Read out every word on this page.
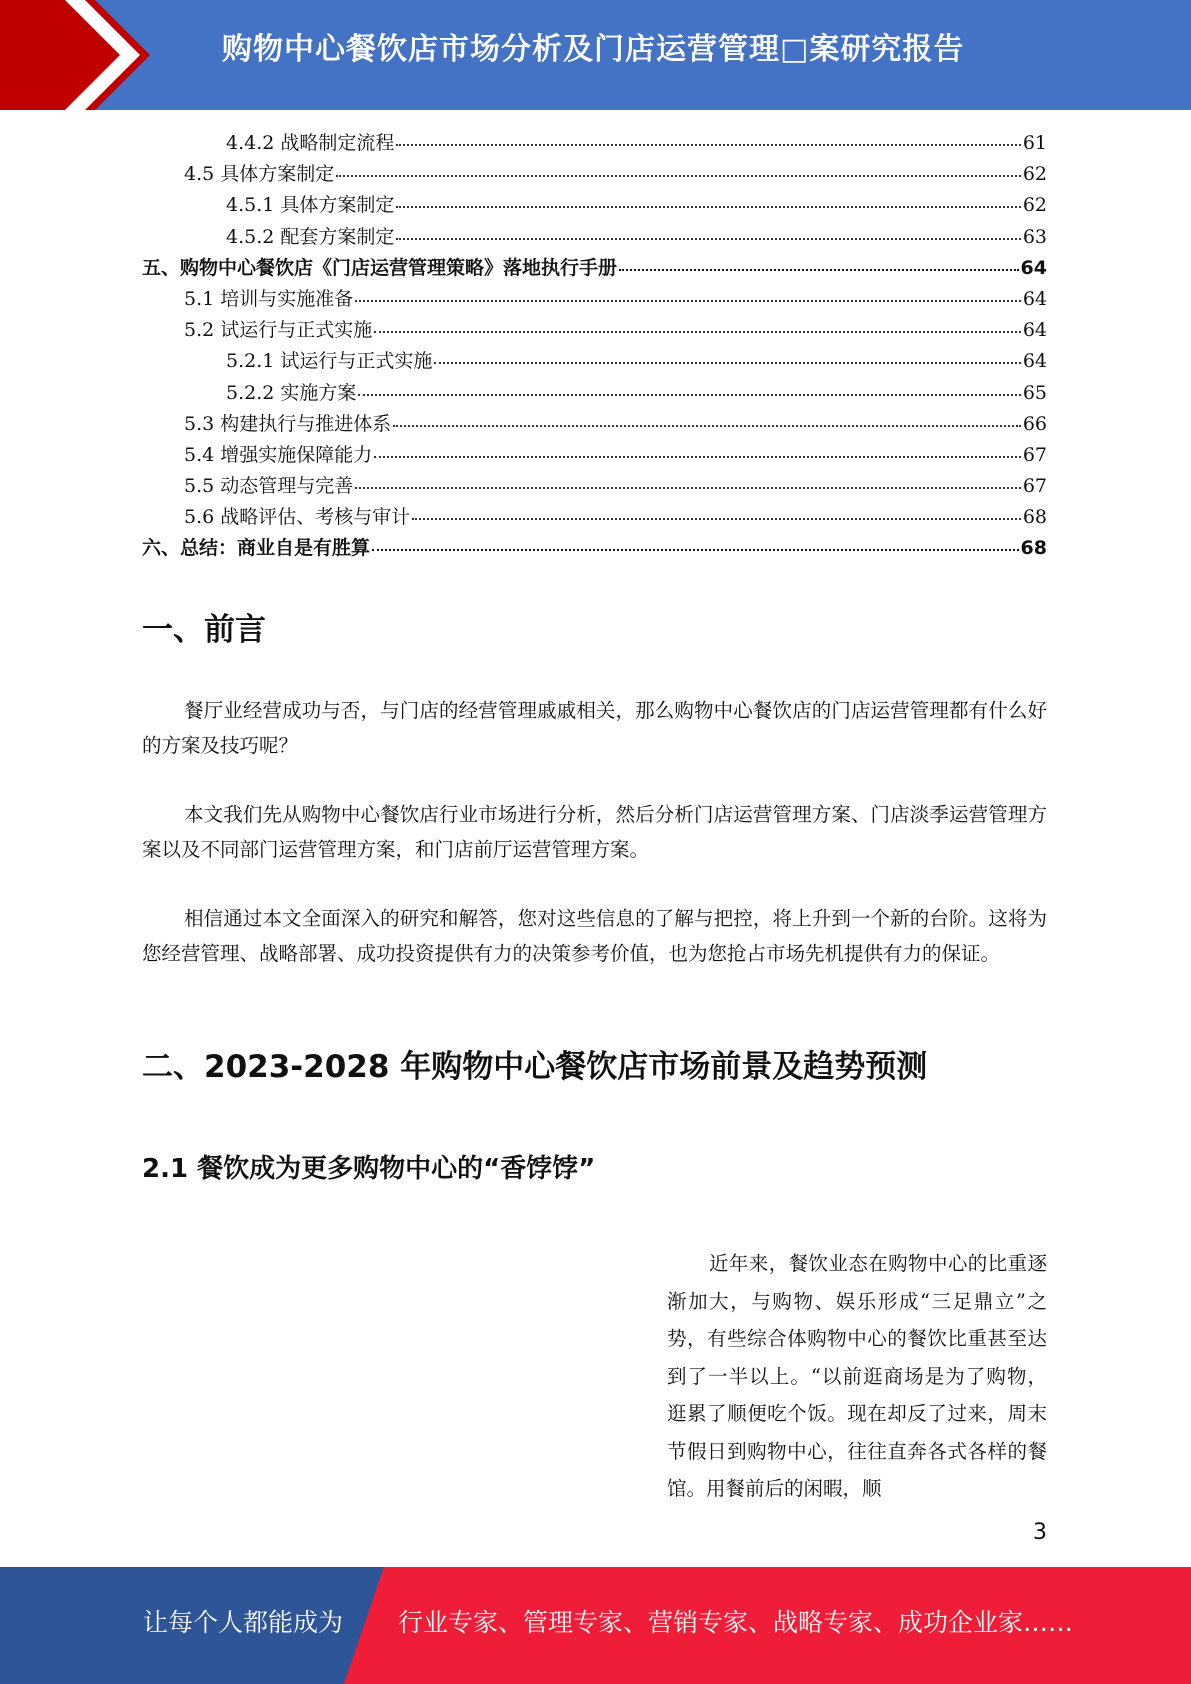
购物中心餐饮店市场分析及门店运营管理□案研究报告
4.4.2 战略制定流程	61
4.5 具体方案制定	62
4.5.1 具体方案制定	62
4.5.2 配套方案制定	63
五、购物中心餐饮店《门店运营管理策略》落地执行手册	64
5.1 培训与实施准备	64
5.2 试运行与正式实施	64
5.2.1 试运行与正式实施	64
5.2.2 实施方案	65
5.3 构建执行与推进体系	66
5.4 增强实施保障能力	67
5.5 动态管理与完善	67
5.6 战略评估、考核与审计	68
六、总结：商业自是有胜算	68
一、前言
餐厅业经营成功与否，与门店的经营管理戚戚相关，那么购物中心餐饮店的门店运营管理都有什么好的方案及技巧呢？
本文我们先从购物中心餐饮店行业市场进行分析，然后分析门店运营管理方案、门店淡季运营管理方案以及不同部门运营管理方案，和门店前厅运营管理方案。
相信通过本文全面深入的研究和解答，您对这些信息的了解与把控，将上升到一个新的台阶。这将为您经营管理、战略部署、成功投资提供有力的决策参考价值，也为您抢占市场先机提供有力的保证。
二、2023-2028 年购物中心餐饮店市场前景及趋势预测
2.1 餐饮成为更多购物中心的“香饽饽”
近年来，餐饮业态在购物中心的比重逐渐加大，与购物、娱乐形成“三足鼎立”之势，有些综合体购物中心的餐饮比重甚至达到了一半以上。“以前逛商场是为了购物，逛累了顺便吃个饭。现在却反了过来，周末节假日到购物中心，往往直奔各式各样的餐馆。用餐前后的闲暇，顺
3
让每个人都能成为 行业专家、管理专家、营销专家、战略专家、成功企业家……
